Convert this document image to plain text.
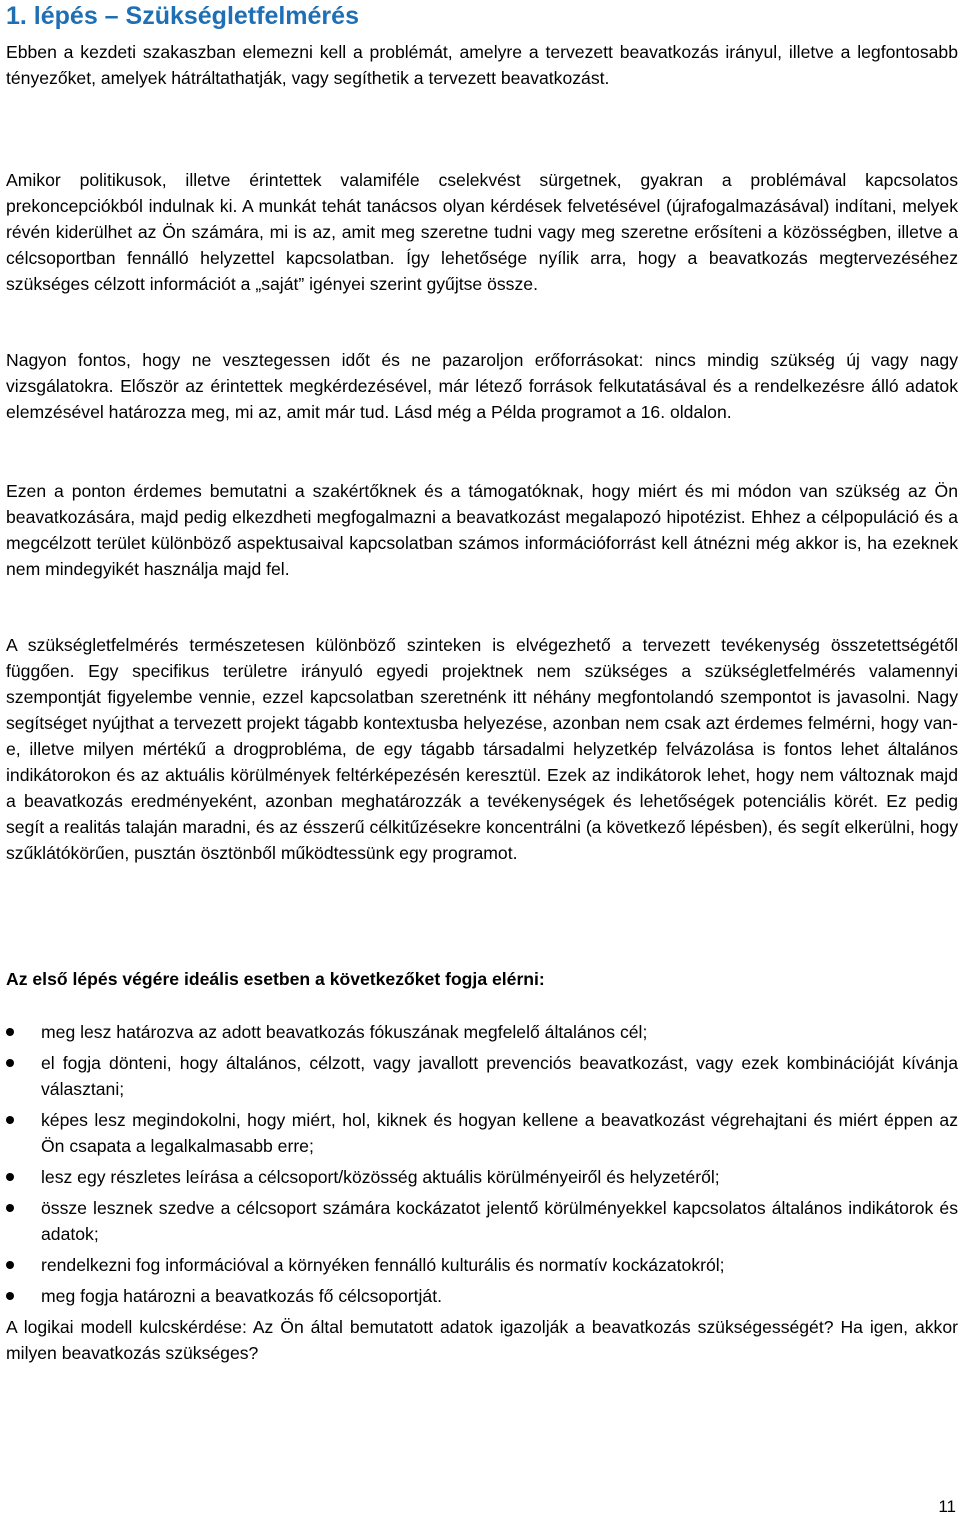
1. lépés – Szükségletfelmérés

Ebben a kezdeti szakaszban elemezni kell a problémát, amelyre a tervezett beavatkozás irányul, illetve a legfontosabb tényezőket, amelyek hátráltathatják, vagy segíthetik a tervezett beavatkozást.

Amikor politikusok, illetve érintettek valamiféle cselekvést sürgetnek, gyakran a problémával kapcsolatos prekoncepciókból indulnak ki. A munkát tehát tanácsos olyan kérdések felvetésével (újrafogalmazásával) indítani, melyek révén kiderülhet az Ön számára, mi is az, amit meg szeretne tudni vagy meg szeretne erősíteni a közösségben, illetve a célcsoportban fennálló helyzettel kapcsolatban. Így lehetősége nyílik arra, hogy a beavatkozás megtervezéséhez szükséges célzott információt a „saját” igényei szerint gyűjtse össze.

Nagyon fontos, hogy ne vesztegessen időt és ne pazaroljon erőforrásokat: nincs mindig szükség új vagy nagy vizsgálatokra. Először az érintettek megkérdezésével, már létező források felkutatásával és a rendelkezésre álló adatok elemzésével határozza meg, mi az, amit már tud. Lásd még a Példa programot a 16. oldalon.

Ezen a ponton érdemes bemutatni a szakértőknek és a támogatóknak, hogy miért és mi módon van szükség az Ön beavatkozására, majd pedig elkezdheti megfogalmazni a beavatkozást megalapozó hipotézist. Ehhez a célpopuláció és a megcélzott terület különböző aspektusaival kapcsolatban számos információforrást kell átnézni még akkor is, ha ezeknek nem mindegyikét használja majd fel.

A szükségletfelmérés természetesen különböző szinteken is elvégezhető a tervezett tevékenység összetettségétől függően. Egy specifikus területre irányuló egyedi projektnek nem szükséges a szükségletfelmérés valamennyi szempontját figyelembe vennie, ezzel kapcsolatban szeretnénk itt néhány megfontolandó szempontot is javasolni. Nagy segítséget nyújthat a tervezett projekt tágabb kontextusba helyezése, azonban nem csak azt érdemes felmérni, hogy van-e, illetve milyen mértékű a drogprobléma, de egy tágabb társadalmi helyzetkép felvázolása is fontos lehet általános indikátorokon és az aktuális körülmények feltérképezésén keresztül. Ezek az indikátorok lehet, hogy nem változnak majd a beavatkozás eredményeként, azonban meghatározzák a tevékenységek és lehetőségek potenciális körét. Ez pedig segít a realitás talaján maradni, és az ésszerű célkitűzésekre koncentrálni (a következő lépésben), és segít elkerülni, hogy szűklátókörűen, pusztán ösztönből működtessünk egy programot.

Az első lépés végére ideális esetben a következőket fogja elérni:

meg lesz határozva az adott beavatkozás fókuszának megfelelő általános cél;
el fogja dönteni, hogy általános, célzott, vagy javallott prevenciós beavatkozást, vagy ezek kombinációját kívánja választani;
képes lesz megindokolni, hogy miért, hol, kiknek és hogyan kellene a beavatkozást végrehajtani és miért éppen az Ön csapata a legalkalmasabb erre;
lesz egy részletes leírása a célcsoport/közösség aktuális körülményeiről és helyzetéről;
össze lesznek szedve a célcsoport számára kockázatot jelentő körülményekkel kapcsolatos általános indikátorok és adatok;
rendelkezni fog információval a környéken fennálló kulturális és normatív kockázatokról;
meg fogja határozni a beavatkozás fő célcsoportját.

A logikai modell kulcskérdése: Az Ön által bemutatott adatok igazolják a beavatkozás szükségességét? Ha igen, akkor milyen beavatkozás szükséges?

11
